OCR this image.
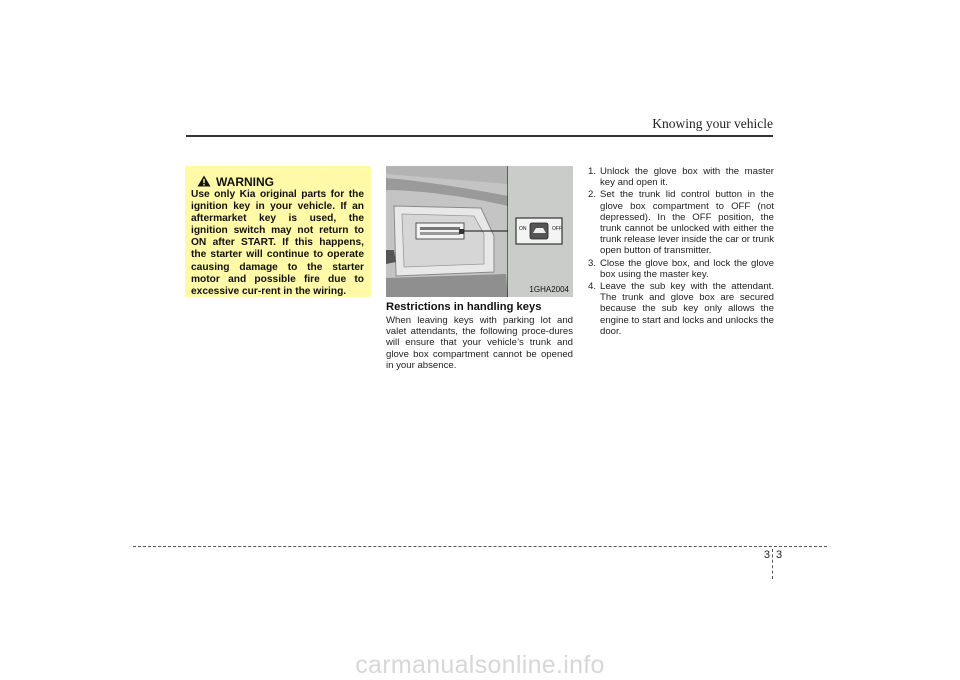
Knowing your vehicle
WARNING
Use only Kia original parts for the ignition key in your vehicle. If an aftermarket key is used, the ignition switch may not return to ON after START. If this happens, the starter will continue to operate causing damage to the starter motor and possible fire due to excessive cur-rent in the wiring.
ON	OFF
1GHA2004
Restrictions in handling keys
When leaving keys with parking lot and valet attendants, the following proce-dures will ensure that your vehicle’s trunk and glove box compartment cannot be opened in your absence.
1. Unlock the glove box with the master key and open it.
2. Set the trunk lid control button in the glove box compartment to OFF (not depressed). In the OFF position, the trunk cannot be unlocked with either the trunk release lever inside the car or trunk open button of transmitter.
3. Close the glove box, and lock the glove box using the master key.
4. Leave the sub key with the attendant. The trunk and glove box are secured because the sub key only allows the engine to start and locks and unlocks the door.
3 3
carmanualsonline.info
